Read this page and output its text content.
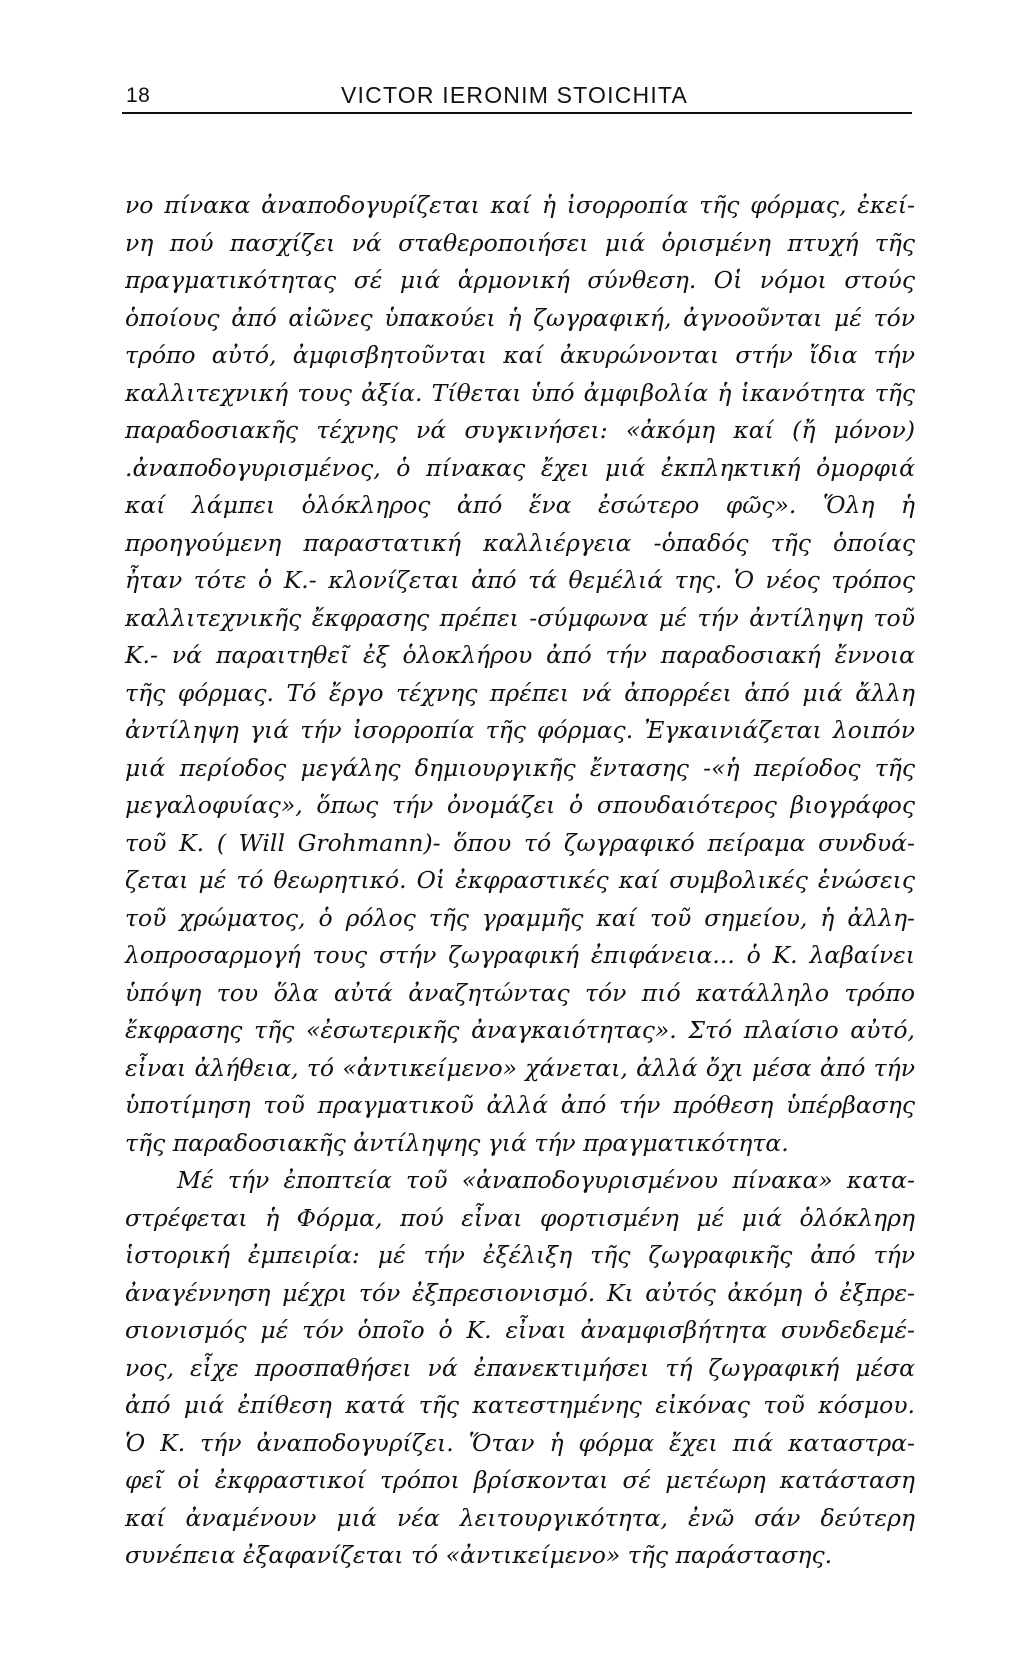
18	VICTOR IERONIM STOICHITA
νο πίνακα ἀναποδογυρίζεται καί ἡ ἰσορροπία τῆς φόρμας, ἐκεί-
νη πού πασχίζει νά σταθεροποιήσει μιά ὁρισμένη πτυχή τῆς
πραγματικότητας σέ μιά ἁρμονική σύνθεση. Οἱ νόμοι στούς
ὁποίους ἀπό αἰῶνες ὑπακούει ἡ ζωγραφική, ἀγνοοῦνται μέ τόν
τρόπο αὐτό, ἀμφισβητοῦνται καί ἀκυρώνονται στήν ἴδια τήν
καλλιτεχνική τους ἀξία. Τίθεται ὑπό ἀμφιβολία ἡ ἱκανότητα τῆς
παραδοσιακῆς τέχνης νά συγκινήσει: «ἀκόμη καί (ἤ μόνον)
.ἀναποδογυρισμένος, ὁ πίνακας ἔχει μιά ἐκπληκτική ὀμορφιά
καί λάμπει ὁλόκληρος ἀπό ἕνα ἐσώτερο φῶς». Ὅλη ἡ
προηγούμενη παραστατική καλλιέργεια -ὁπαδός τῆς ὁποίας
ἦταν τότε ὁ Κ.- κλονίζεται ἀπό τά θεμέλιά της. Ὁ νέος τρόπος
καλλιτεχνικῆς ἔκφρασης πρέπει -σύμφωνα μέ τήν ἀντίληψη τοῦ
Κ.- νά παραιτηθεῖ ἐξ ὁλοκλήρου ἀπό τήν παραδοσιακή ἔννοια
τῆς φόρμας. Τό ἔργο τέχνης πρέπει νά ἀπορρέει ἀπό μιά ἄλλη
ἀντίληψη γιά τήν ἰσορροπία τῆς φόρμας. Ἐγκαινιάζεται λοιπόν
μιά περίοδος μεγάλης δημιουργικῆς ἔντασης -«ἡ περίοδος τῆς
μεγαλοφυίας», ὅπως τήν ὀνομάζει ὁ σπουδαιότερος βιογράφος
τοῦ Κ. ( Will Grohmann)- ὅπου τό ζωγραφικό πείραμα συνδυά-
ζεται μέ τό θεωρητικό. Οἱ ἐκφραστικές καί συμβολικές ἑνώσεις
τοῦ χρώματος, ὁ ρόλος τῆς γραμμῆς καί τοῦ σημείου, ἡ ἀλλη-
λοπροσαρμογή τους στήν ζωγραφική ἐπιφάνεια... ὁ Κ. λαβαίνει
ὑπόψη του ὅλα αὐτά ἀναζητώντας τόν πιό κατάλληλο τρόπο
ἔκφρασης τῆς «ἐσωτερικῆς ἀναγκαιότητας». Στό πλαίσιο αὐτό,
εἶναι ἀλήθεια, τό «ἀντικείμενο» χάνεται, ἀλλά ὄχι μέσα ἀπό τήν
ὑποτίμηση τοῦ πραγματικοῦ ἀλλά ἀπό τήν πρόθεση ὑπέρβασης
τῆς παραδοσιακῆς ἀντίληψης γιά τήν πραγματικότητα.
Μέ τήν ἐποπτεία τοῦ «ἀναποδογυρισμένου πίνακα» κατα-
στρέφεται ἡ Φόρμα, πού εἶναι φορτισμένη μέ μιά ὁλόκληρη
ἱστορική ἐμπειρία: μέ τήν ἐξέλιξη τῆς ζωγραφικῆς ἀπό τήν
ἀναγέννηση μέχρι τόν ἐξπρεσιονισμό. Κι αὐτός ἀκόμη ὁ ἐξπρε-
σιονισμός μέ τόν ὁποῖο ὁ Κ. εἶναι ἀναμφισβήτητα συνδεδεμέ-
νος, εἶχε προσπαθήσει νά ἐπανεκτιμήσει τή ζωγραφική μέσα
ἀπό μιά ἐπίθεση κατά τῆς κατεστημένης εἰκόνας τοῦ κόσμου.
Ὁ Κ. τήν ἀναποδογυρίζει. Ὅταν ἡ φόρμα ἔχει πιά καταστρα-
φεῖ οἱ ἐκφραστικοί τρόποι βρίσκονται σέ μετέωρη κατάσταση
καί ἀναμένουν μιά νέα λειτουργικότητα, ἐνῶ σάν δεύτερη
συνέπεια ἐξαφανίζεται τό «ἀντικείμενο» τῆς παράστασης.
